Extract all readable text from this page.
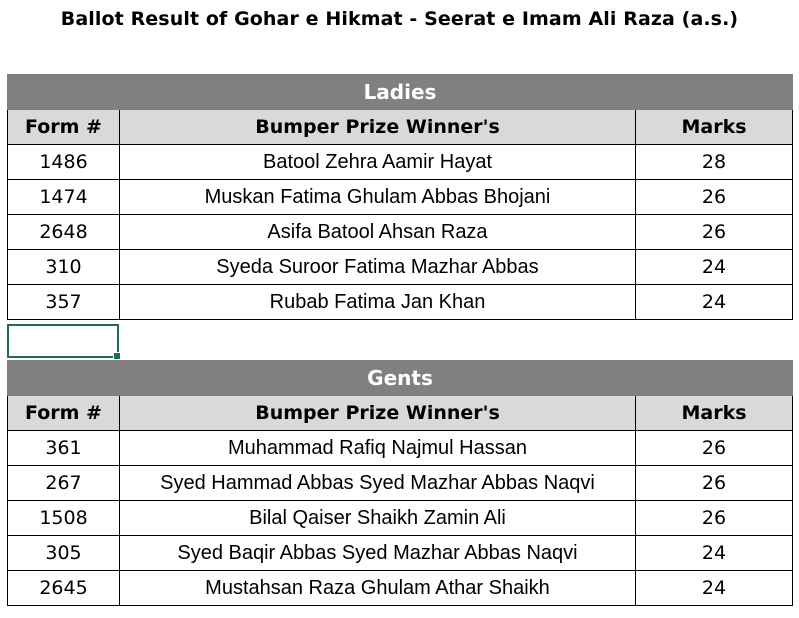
Ballot Result of Gohar e Hikmat - Seerat e Imam Ali Raza (a.s.)
Ladies		
Form #	Bumper Prize Winner's	Marks
1486	Batool Zehra Aamir Hayat	28
1474	Muskan Fatima Ghulam Abbas Bhojani	26
2648	Asifa Batool Ahsan Raza	26
310	Syeda Suroor Fatima Mazhar Abbas	24
357	Rubab Fatima Jan Khan	24
Gents		
Form #	Bumper Prize Winner's	Marks
361	Muhammad Rafiq Najmul Hassan	26
267	Syed Hammad Abbas Syed Mazhar Abbas Naqvi	26
1508	Bilal Qaiser Shaikh Zamin Ali	26
305	Syed Baqir Abbas Syed Mazhar Abbas Naqvi	24
2645	Mustahsan Raza Ghulam Athar Shaikh	24
